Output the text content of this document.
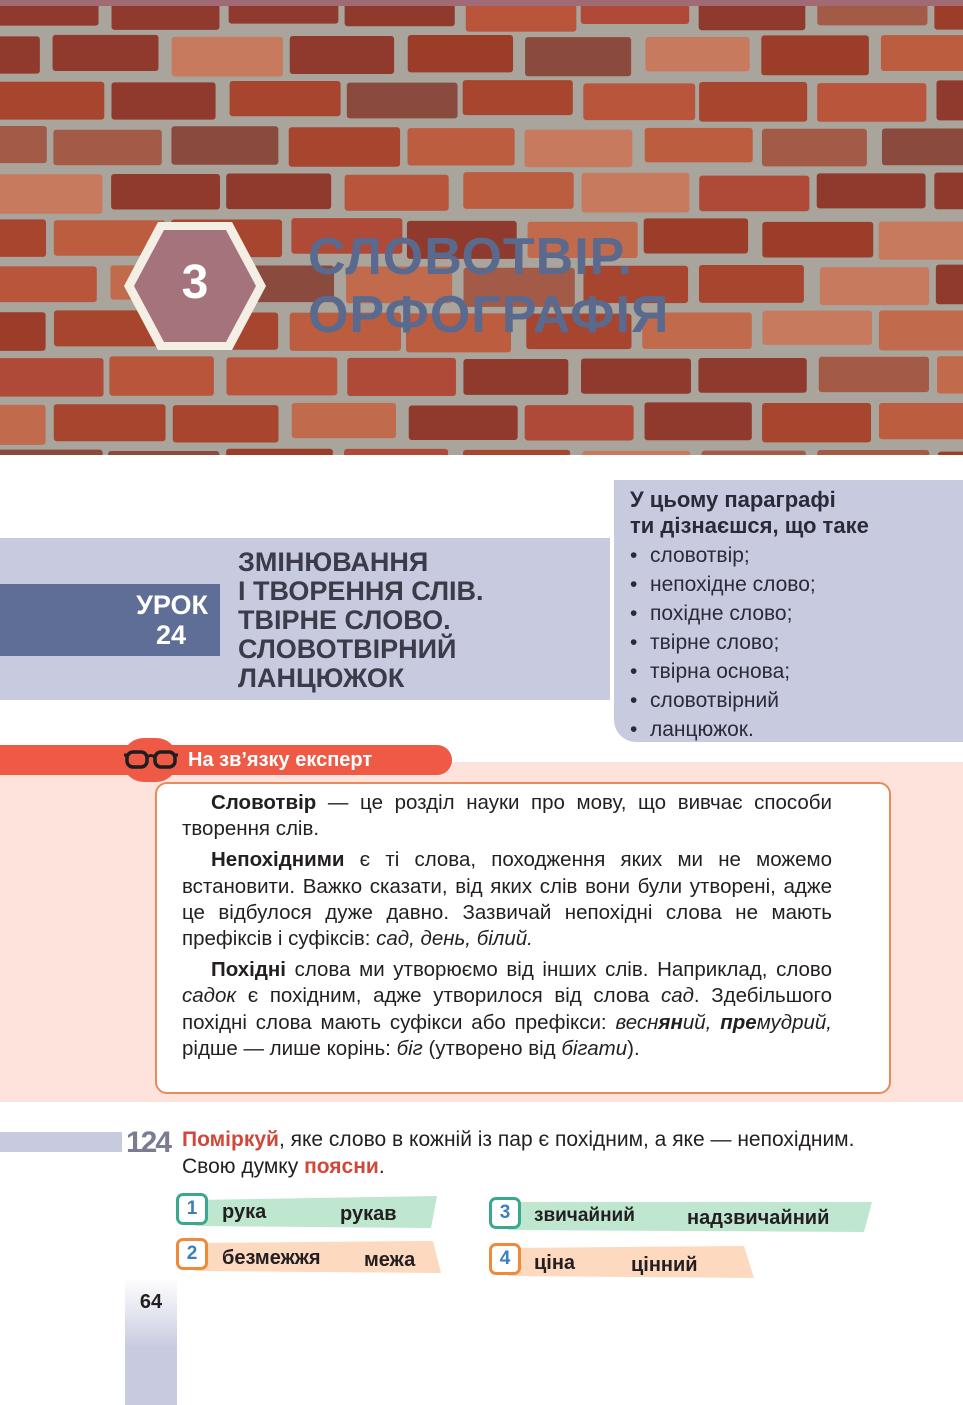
3	СЛОВОТВІР.
ОРФОГРАФІЯ
УРОК
24
ЗМІНЮВАННЯ
І ТВОРЕННЯ СЛІВ.
ТВІРНЕ СЛОВО.
СЛОВОТВІРНИЙ
ЛАНЦЮЖОК
У цьому параграфі
ти дізнаєшся, що таке
• словотвір;
• непохідне слово;
• похідне слово;
• твірне слово;
• твірна основа;
• словотвірний
• ланцюжок.
На зв’язку експерт

Словотвір — це розділ науки про мову, що вивчає способи творення слів.

Непохідними є ті слова, походження яких ми не можемо встановити. Важко сказати, від яких слів вони були утворені, адже це відбулося дуже давно. Зазвичай непохідні слова не мають префіксів і суфіксів: сад, день, білий.

Похідні слова ми утворюємо від інших слів. Наприклад, слово садок є похідним, адже утворилося від слова сад. Здебільшого похідні слова мають суфікси або префікси: весняний, премудрий, рідше — лише корінь: біг (утворено від бігати).

124 Поміркуй, яке слово в кожній із пар є похідним, а яке — непохідним. Свою думку поясни.
1	рука	рукав
2	безмежжя межа
3	звичайний	надзвичайний
4	ціна	цінний
64
